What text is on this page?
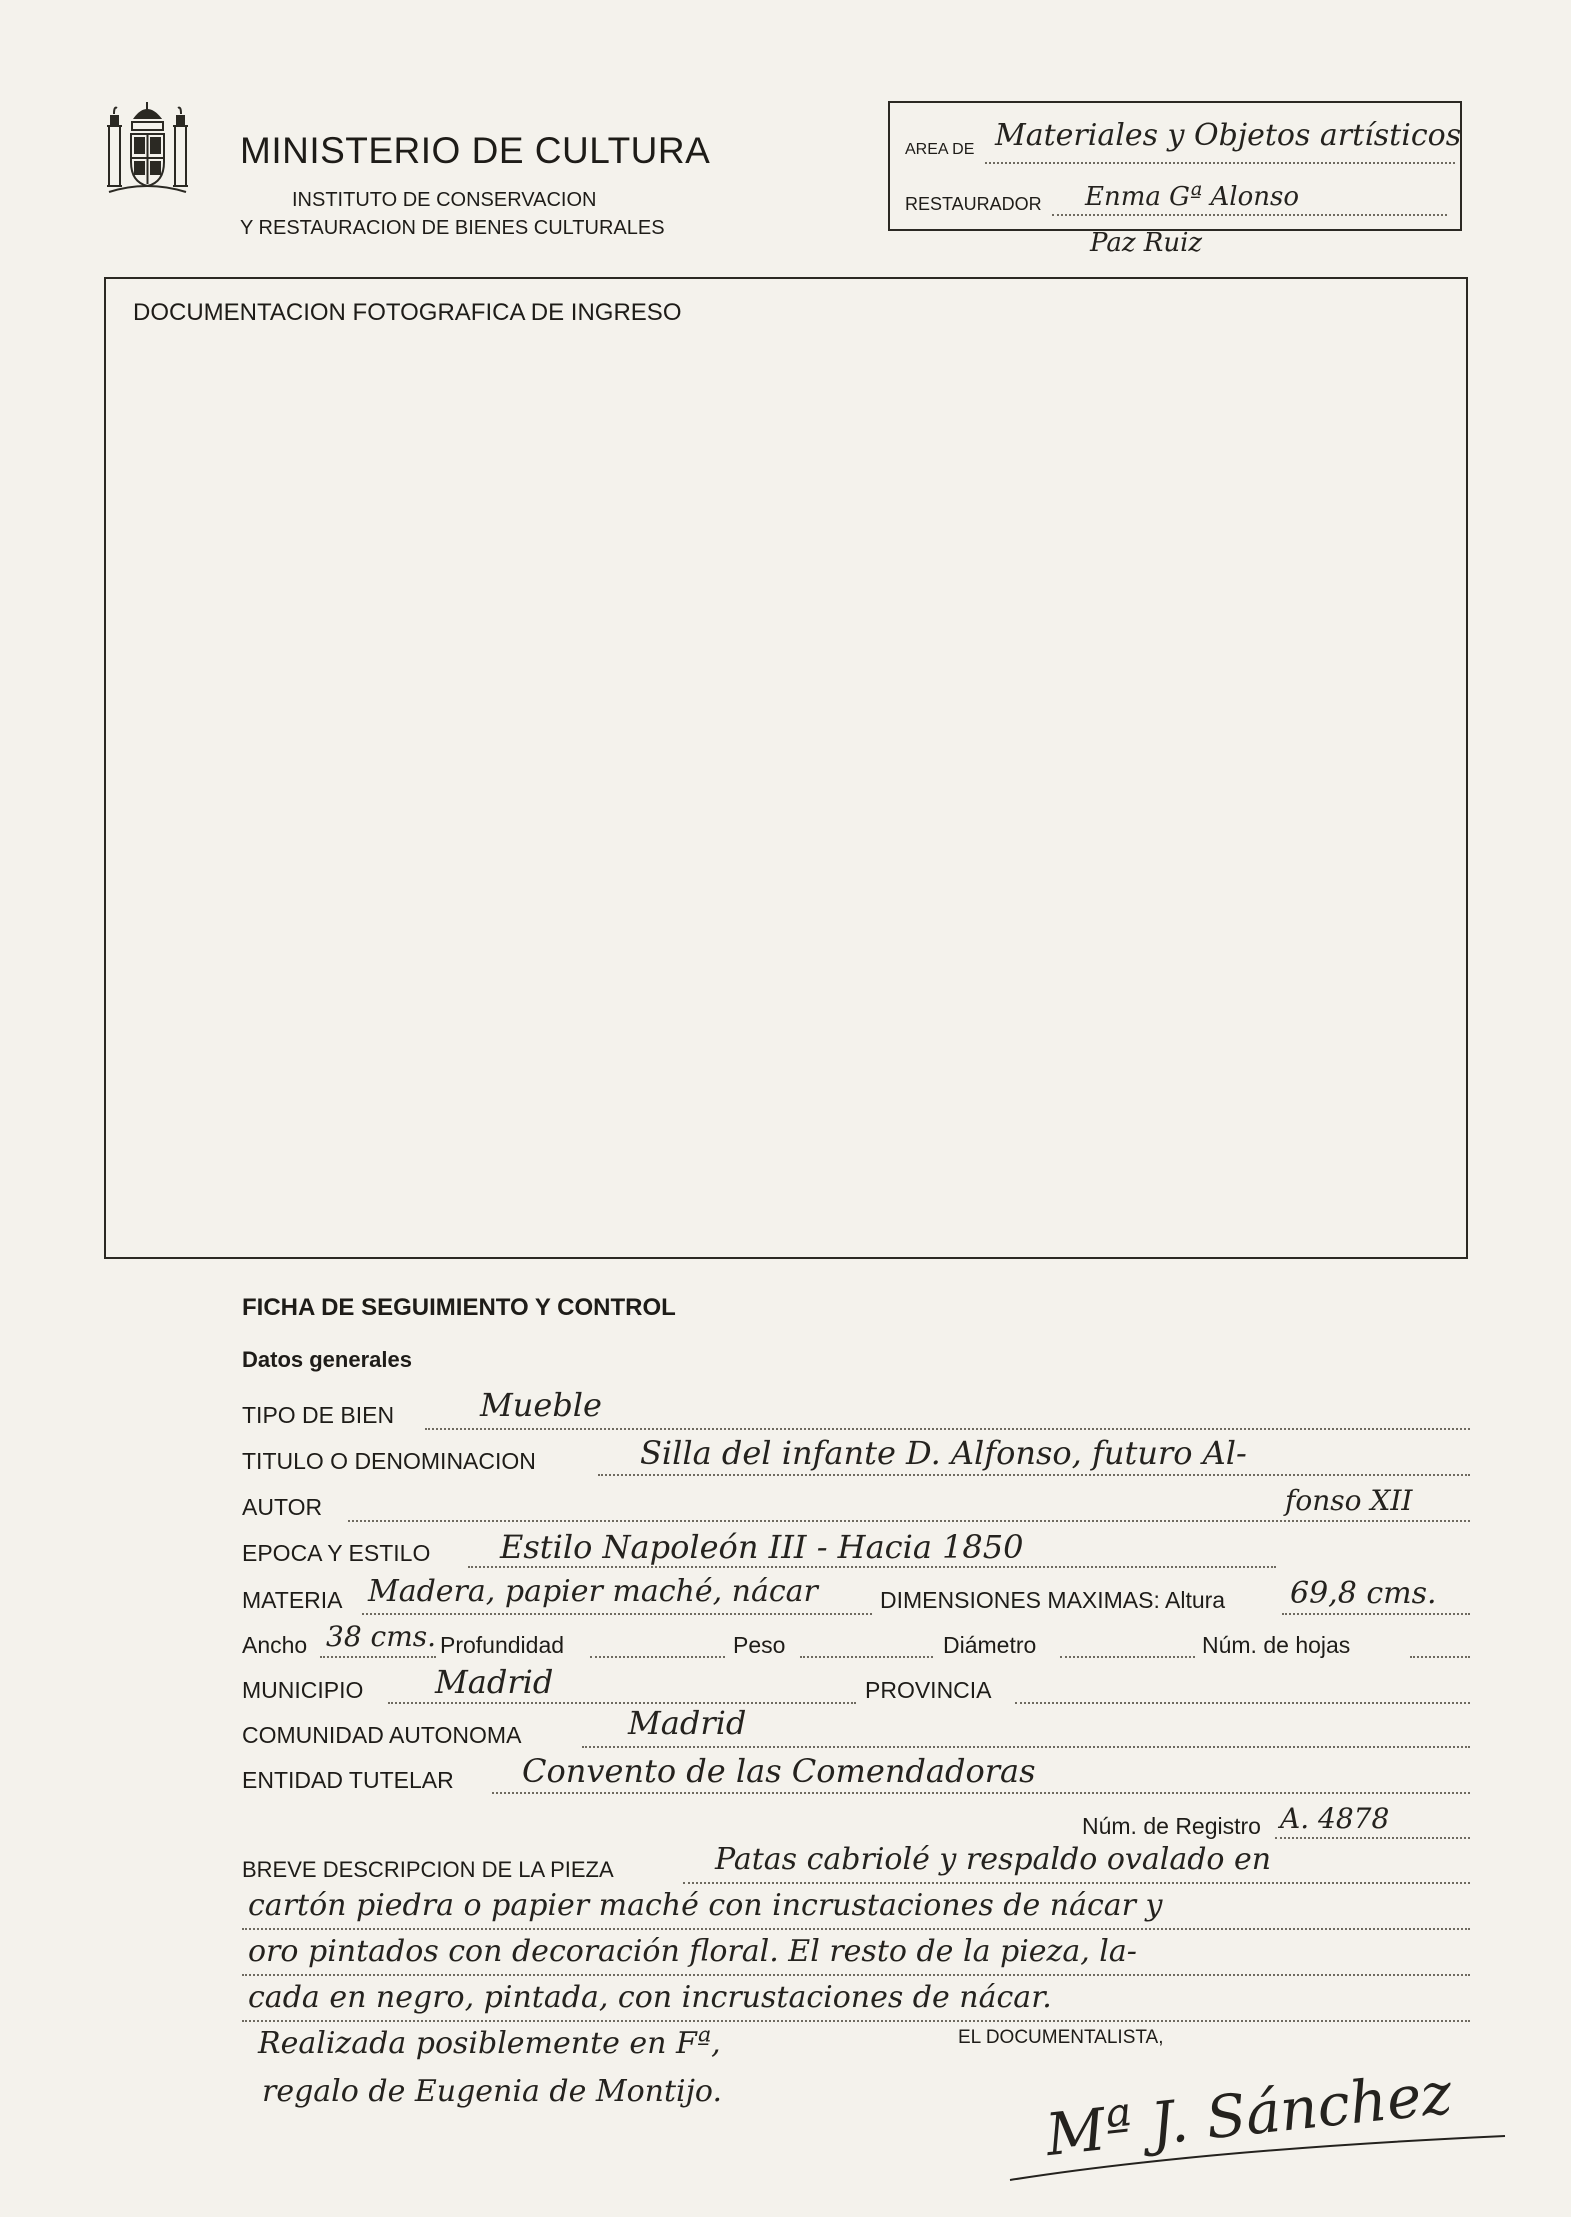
MINISTERIO DE CULTURA
INSTITUTO DE CONSERVACION
Y RESTAURACION DE BIENES CULTURALES
AREA DE Materiales y Objetos artísticos
RESTAURADOR Enma Gª Alonso
Paz Ruiz
DOCUMENTACION FOTOGRAFICA DE INGRESO
FICHA DE SEGUIMIENTO Y CONTROL
Datos generales
TIPO DE BIEN	Mueble
TITULO O DENOMINACION	Silla del infante D. Alfonso, futuro Al-
AUTOR	fonso XII
EPOCA Y ESTILO Estilo Napoleón III - Hacia 1850
MATERIA Madera, papier maché, nácar	DIMENSIONES MAXIMAS: Altura 69,8 cms.
Ancho 38 cms. Profundidad	Peso	Diámetro	Núm. de hojas
MUNICIPIO Madrid	PROVINCIA
COMUNIDAD AUTONOMA	Madrid
ENTIDAD TUTELAR Convento de las Comendadoras
Núm. de Registro A. 4878
BREVE DESCRIPCION DE LA PIEZA	Patas cabriolé y respaldo ovalado en
cartón piedra o papier maché con incrustaciones de nácar y
oro pintados con decoración floral. El resto de la pieza, la-
cada en negro, pintada, con incrustaciones de nácar.
Realizada posiblemente en Fª,
regalo de Eugenia de Montijo.
EL DOCUMENTALISTA,
Mª J. Sánchez
